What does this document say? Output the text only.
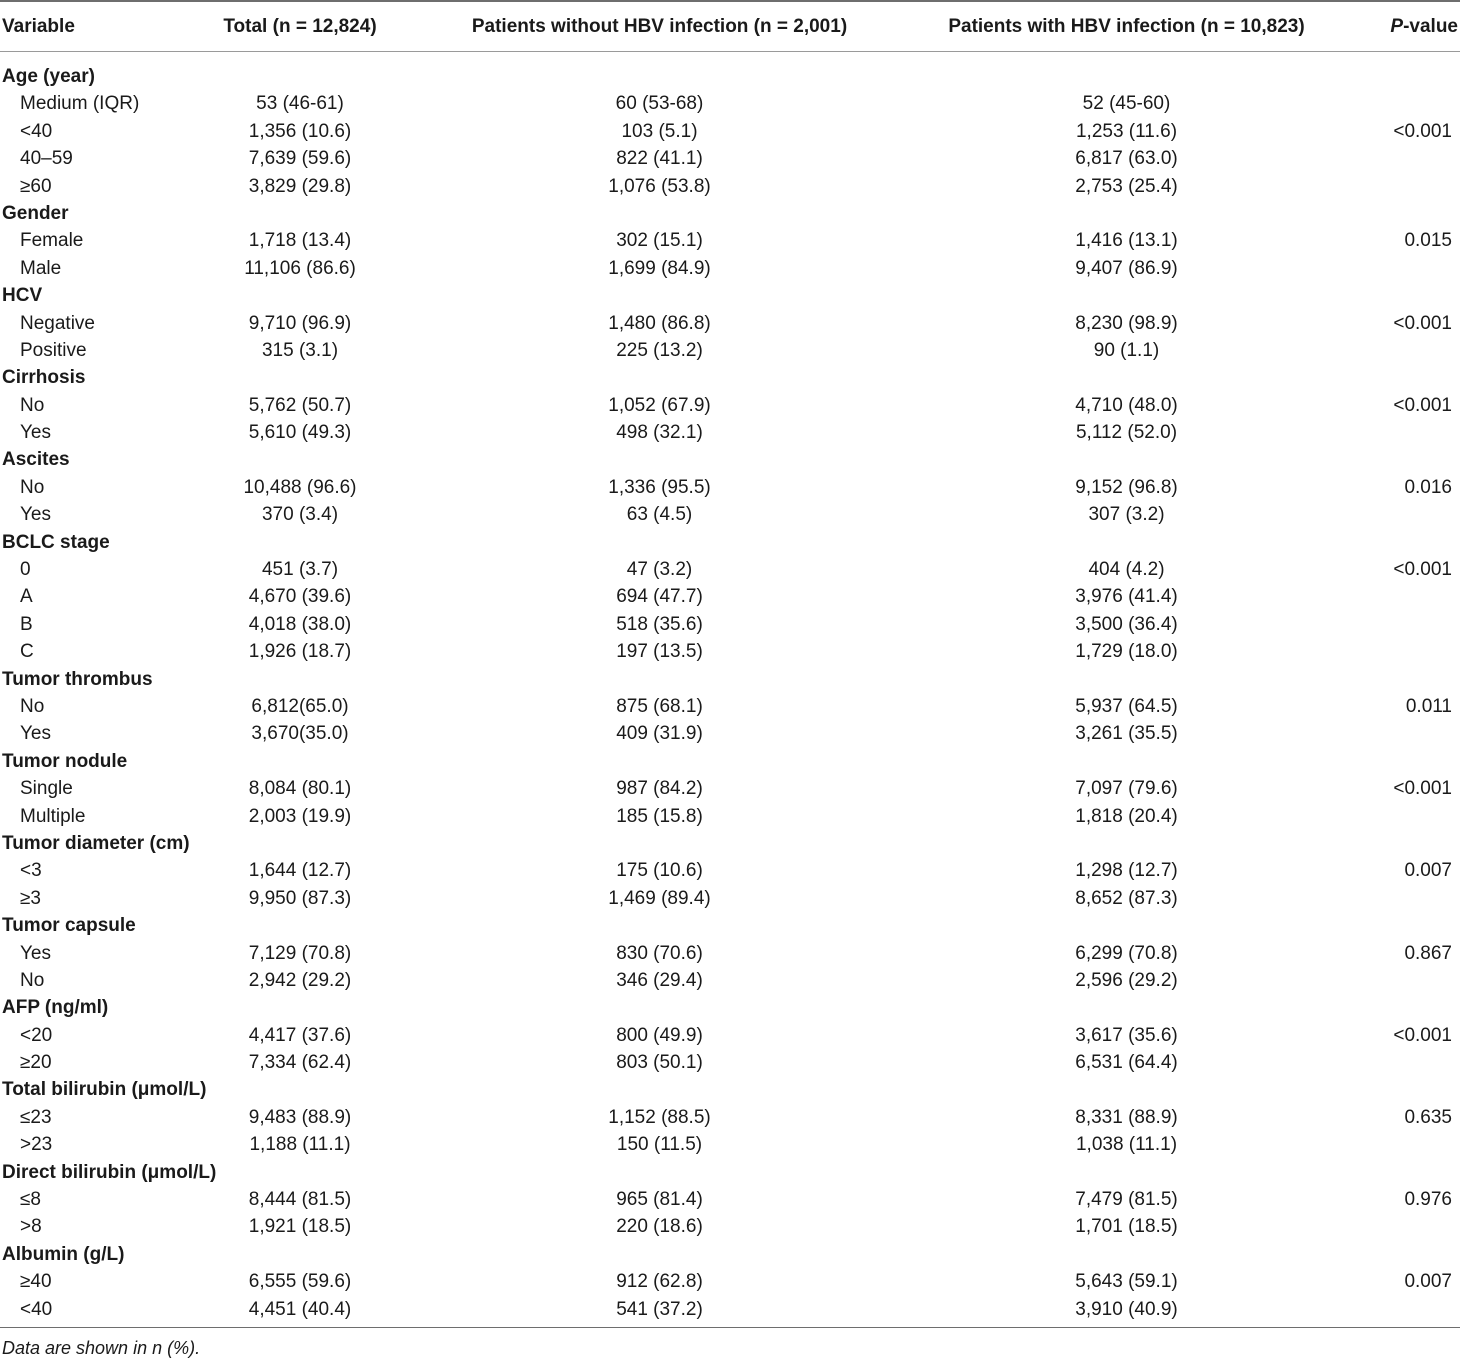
Variable	Total (n = 12,824)	Patients without HBV infection (n = 2,001)	Patients with HBV infection (n = 10,823)	P-value
Age (year)
Medium (IQR)	53 (46-61)	60 (53-68)	52 (45-60)
<40	1,356 (10.6)	103 (5.1)	1,253 (11.6)	<0.001
40–59	7,639 (59.6)	822 (41.1)	6,817 (63.0)
≥60	3,829 (29.8)	1,076 (53.8)	2,753 (25.4)
Gender
Female	1,718 (13.4)	302 (15.1)	1,416 (13.1)	0.015
Male	11,106 (86.6)	1,699 (84.9)	9,407 (86.9)
HCV
Negative	9,710 (96.9)	1,480 (86.8)	8,230 (98.9)	<0.001
Positive	315 (3.1)	225 (13.2)	90 (1.1)
Cirrhosis
No	5,762 (50.7)	1,052 (67.9)	4,710 (48.0)	<0.001
Yes	5,610 (49.3)	498 (32.1)	5,112 (52.0)
Ascites
No	10,488 (96.6)	1,336 (95.5)	9,152 (96.8)	0.016
Yes	370 (3.4)	63 (4.5)	307 (3.2)
BCLC stage
0	451 (3.7)	47 (3.2)	404 (4.2)	<0.001
A	4,670 (39.6)	694 (47.7)	3,976 (41.4)
B	4,018 (38.0)	518 (35.6)	3,500 (36.4)
C	1,926 (18.7)	197 (13.5)	1,729 (18.0)
Tumor thrombus
No	6,812(65.0)	875 (68.1)	5,937 (64.5)	0.011
Yes	3,670(35.0)	409 (31.9)	3,261 (35.5)
Tumor nodule
Single	8,084 (80.1)	987 (84.2)	7,097 (79.6)	<0.001
Multiple	2,003 (19.9)	185 (15.8)	1,818 (20.4)
Tumor diameter (cm)
<3	1,644 (12.7)	175 (10.6)	1,298 (12.7)	0.007
≥3	9,950 (87.3)	1,469 (89.4)	8,652 (87.3)
Tumor capsule
Yes	7,129 (70.8)	830 (70.6)	6,299 (70.8)	0.867
No	2,942 (29.2)	346 (29.4)	2,596 (29.2)
AFP (ng/ml)
<20	4,417 (37.6)	800 (49.9)	3,617 (35.6)	<0.001
≥20	7,334 (62.4)	803 (50.1)	6,531 (64.4)
Total bilirubin (μmol/L)
≤23	9,483 (88.9)	1,152 (88.5)	8,331 (88.9)	0.635
>23	1,188 (11.1)	150 (11.5)	1,038 (11.1)
Direct bilirubin (μmol/L)
≤8	8,444 (81.5)	965 (81.4)	7,479 (81.5)	0.976
>8	1,921 (18.5)	220 (18.6)	1,701 (18.5)
Albumin (g/L)
≥40	6,555 (59.6)	912 (62.8)	5,643 (59.1)	0.007
<40	4,451 (40.4)	541 (37.2)	3,910 (40.9)
Data are shown in n (%).
